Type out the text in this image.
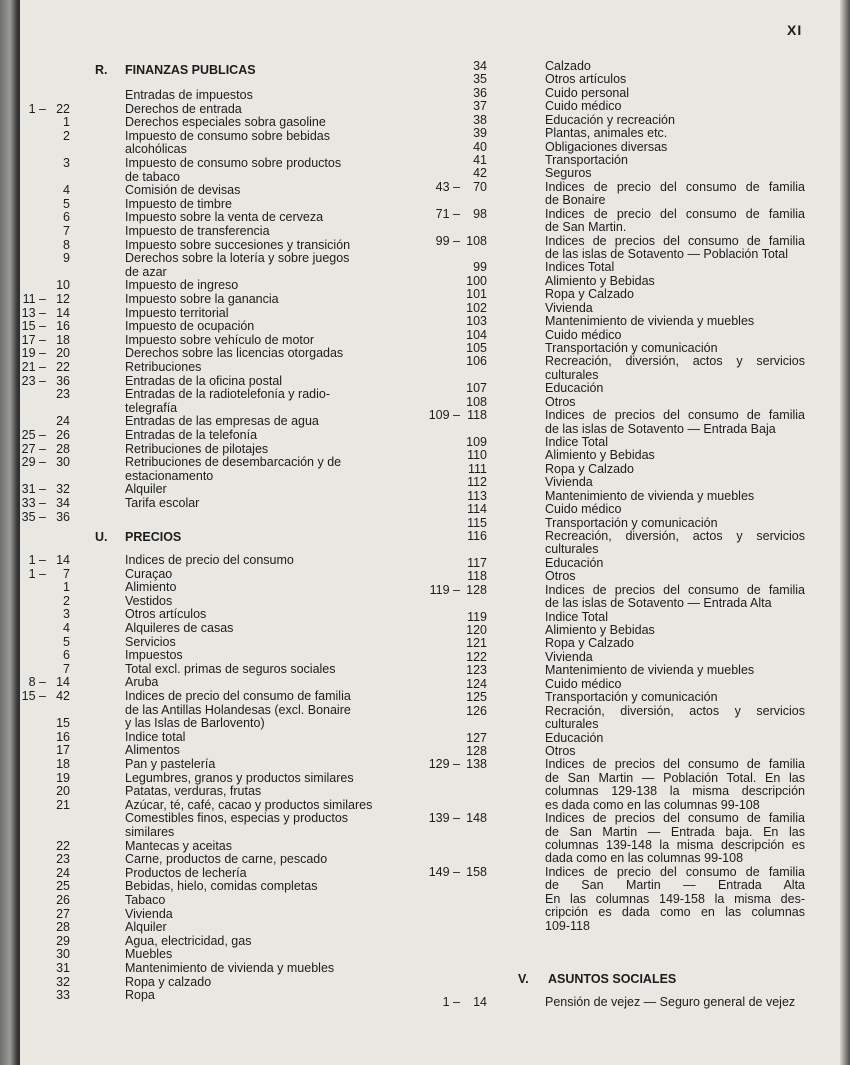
XI
R. FINANZAS PUBLICAS
Entradas de impuestos
1 – 22	Derechos de entrada
1	Derechos especiales sobra gasoline
2	Impuesto de consumo sobre bebidas
alcohólicas
3	Impuesto de consumo sobre productos
de tabaco
4	Comisión de devisas
5	Impuesto de timbre
6	Impuesto sobre la venta de cerveza
7	Impuesto de transferencia
8	Impuesto sobre succesiones y transición
9	Derechos sobre la lotería y sobre juegos
de azar
10	Impuesto de ingreso
11 – 12	Impuesto sobre la ganancia
13 – 14	Impuesto territorial
15 – 16	Impuesto de ocupación
17 – 18	Impuesto sobre vehículo de motor
19 – 20	Derechos sobre las licencias otorgadas
21 – 22	Retribuciones
23 – 36	Entradas de la oficina postal
23	Entradas de la radiotelefonía y radio-
telegrafía
24	Entradas de las empresas de agua
25 – 26	Entradas de la telefonía
27 – 28	Retribuciones de pilotajes
29 – 30	Retribuciones de desembarcación y de
estacionamento
31 – 32	Alquiler
33 – 34	Tarifa escolar
35 – 36
U. PRECIOS
1 – 14	Indices de precio del consumo
1 –	7	Curaçao
1	Alimiento
2	Vestidos
3	Otros artículos
4	Alquileres de casas
5	Servicios
6	Impuestos
7	Total excl. primas de seguros sociales
8 – 14	Aruba
15 – 42	Indices de precio del consumo de familia
de las Antillas Holandesas (excl. Bonaire
15	y las Islas de Barlovento)
16	Indice total
17	Alimentos
18	Pan y pastelería
19	Legumbres, granos y productos similares
20	Patatas, verduras, frutas
21	Azúcar, té, café, cacao y productos similares
Comestibles finos, especias y productos
similares
22	Mantecas y aceitas
23	Carne, productos de carne, pescado
24	Productos de lechería
25	Bebidas, hielo, comidas completas
26	Tabaco
27	Vivienda
28	Alquiler
29	Agua, electricidad, gas
30	Muebles
31	Mantenimiento de vivienda y muebles
32	Ropa y calzado
33	Ropa
34	Calzado
35	Otros artículos
36	Cuido personal
37	Cuido médico
38	Educación y recreación
39	Plantas, animales etc.
40	Obligaciones diversas
41	Transportación
42	Seguros
43 –	70	Indices de precio del consumo de familia
de Bonaire
71 –	98	Indices de precio del consumo de familia
de San Martin.
99 – 108	Indices de precios del consumo de familia
de las islas de Sotavento — Población Total
99	Indices Total
100	Alimiento y Bebidas
101	Ropa y Calzado
102	Vivienda
103	Mantenimiento de vivienda y muebles
104	Cuido médico
105	Transportación y comunicación
106	Recreación, diversión, actos y servicios
culturales
107	Educación
108	Otros
109 – 118	Indices de precios del consumo de familia
de las islas de Sotavento — Entrada Baja
109	Indice Total
110	Alimiento y Bebidas
111	Ropa y Calzado
112	Vivienda
113	Mantenimiento de vivienda y muebles
114	Cuido médico
115	Transportación y comunicación
116	Recreación, diversión, actos y servicios
culturales
117	Educación
118	Otros
119 – 128	Indices de precios del consumo de familia
de las islas de Sotavento — Entrada Alta
119	Indice Total
120	Alimiento y Bebidas
121	Ropa y Calzado
122	Vivienda
123	Mantenimiento de vivienda y muebles
124	Cuido médico
125	Transportación y comunicación
126	Recración, diversión, actos y servicios
culturales
127	Educación
128	Otros
129 – 138	Indices de precios del consumo de familia
de San Martin — Población Total. En las
columnas 129-138 la misma descripción
es dada como en las columnas 99-108
139 – 148	Indices de precios del consumo de familia
de San Martin — Entrada baja. En las
columnas 139-148 la misma descripción es
dada como en las columnas 99-108
149 – 158	Indices de precio del consumo de familia
de San Martin — Entrada Alta
En las columnas 149-158 la misma des-
cripción es dada como en las columnas
109-118
V. ASUNTOS SOCIALES
1 –	14	Pensión de vejez — Seguro general de vejez
